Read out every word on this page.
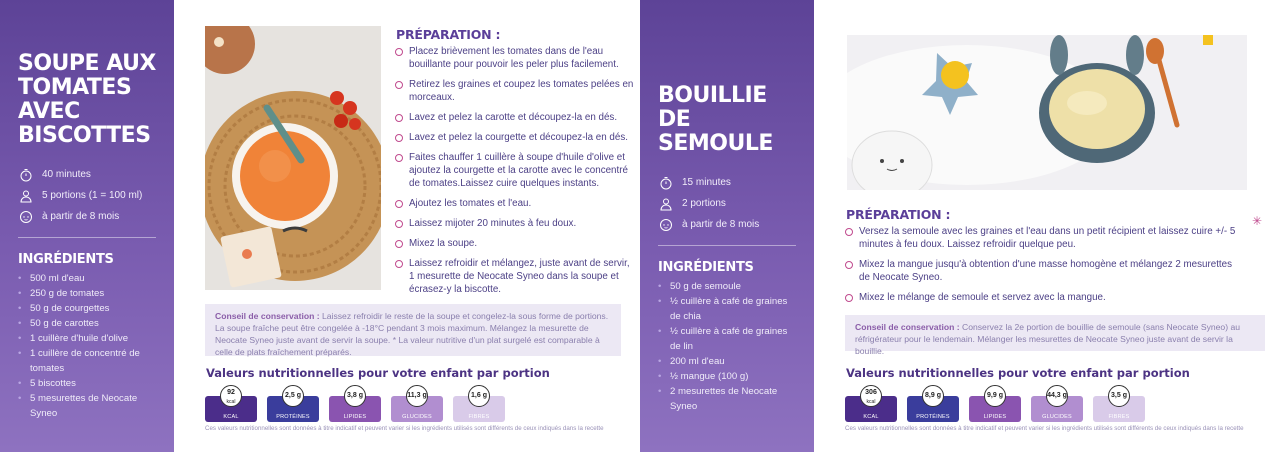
SOUPE AUX TOMATES AVEC BISCOTTES
40 minutes
5 portions (1 = 100 ml)
à partir de 8 mois
INGRÉDIENTS
• 500 ml d'eau
• 250 g de tomates
• 50 g de courgettes
• 50 g de carottes
• 1 cuillère d'huile d'olive
• 1 cuillère de concentré de tomates
• 5 biscottes
• 5 mesurettes de Neocate Syneo
PRÉPARATION :
Placez brièvement les tomates dans de l'eau bouillante pour pouvoir les peler plus facilement.
Retirez les graines et coupez les tomates pelées en morceaux.
Lavez et pelez la carotte et découpez-la en dés.
Lavez et pelez la courgette et découpez-la en dés.
Faites chauffer 1 cuillère à soupe d'huile d'olive et ajoutez la courgette et la carotte avec le concentré de tomates.Laissez cuire quelques instants.
Ajoutez les tomates et l'eau.
Laissez mijoter 20 minutes à feu doux.
Mixez la soupe.
Laissez refroidir et mélangez, juste avant de servir, 1 mesurette de Neocate Syneo dans la soupe et écrasez-y la biscotte.
Conseil de conservation : Laissez refroidir le reste de la soupe et congelez-la sous forme de portions. La soupe fraîche peut être congelée à -18°C pendant 3 mois maximum. Mélangez la mesurette de Neocate Syneo juste avant de servir la soupe. * La valeur nutritive d'un plat surgelé est comparable à celle de plats fraîchement préparés.
Valeurs nutritionnelles pour votre enfant par portion
92
kcal
KCAL
2,5 g
PROTÉINES
3,8 g
LIPIDES
11,3 g
GLUCIDES
1,6 g
FIBRES
Ces valeurs nutritionnelles sont données à titre indicatif et peuvent varier si les ingrédients utilisés sont différents de ceux indiqués dans la recette
BOUILLIE DE SEMOULE
15 minutes
2 portions
à partir de 8 mois
INGRÉDIENTS
• 50 g de semoule
• ½ cuillère à café de graines de chia
• ½ cuillère à café de graines de lin
• 200 ml d'eau
• ½ mangue (100 g)
• 2 mesurettes de Neocate Syneo
PRÉPARATION :	✳
Versez la semoule avec les graines et l'eau dans un petit récipient et laissez cuire +/- 5 minutes à feu doux. Laissez refroidir quelque peu.
Mixez la mangue jusqu'à obtention d'une masse homogène et mélangez 2 mesurettes de Neocate Syneo.
Mixez le mélange de semoule et servez avec la mangue.
Conseil de conservation : Conservez la 2e portion de bouillie de semoule (sans Neocate Syneo) au réfrigérateur pour le lendemain. Mélanger les mesurettes de Neocate Syneo juste avant de servir la bouillie.
Valeurs nutritionnelles pour votre enfant par portion
306
kcal
KCAL
8,9 g
PROTÉINES
9,9 g
LIPIDES
44,3 g
GLUCIDES
3,5 g
FIBRES
Ces valeurs nutritionnelles sont données à titre indicatif et peuvent varier si les ingrédients utilisés sont différents de ceux indiqués dans la recette
